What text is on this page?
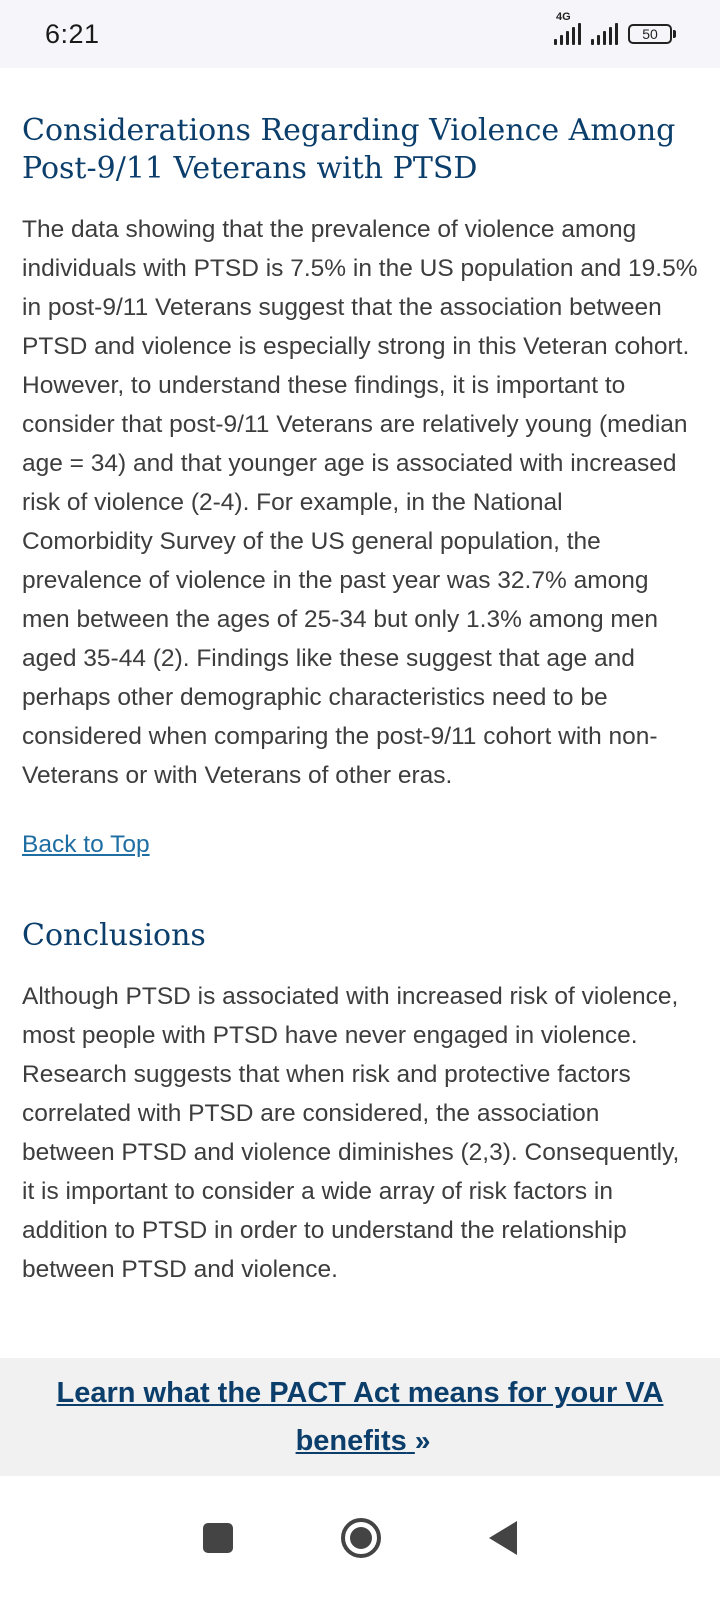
6:21
4G
50
Considerations Regarding Violence Among Post-9/11 Veterans with PTSD

The data showing that the prevalence of violence among individuals with PTSD is 7.5% in the US population and 19.5% in post-9/11 Veterans suggest that the association between PTSD and violence is especially strong in this Veteran cohort. However, to understand these findings, it is important to consider that post-9/11 Veterans are relatively young (median age = 34) and that younger age is associated with increased risk of violence (2-4). For example, in the National Comorbidity Survey of the US general population, the prevalence of violence in the past year was 32.7% among men between the ages of 25-34 but only 1.3% among men aged 35-44 (2). Findings like these suggest that age and perhaps other demographic characteristics need to be considered when comparing the post-9/11 cohort with non-Veterans or with Veterans of other eras.

Back to Top
Conclusions

Although PTSD is associated with increased risk of violence, most people with PTSD have never engaged in violence. Research suggests that when risk and protective factors correlated with PTSD are considered, the association between PTSD and violence diminishes (2,3). Consequently, it is important to consider a wide array of risk factors in addition to PTSD in order to understand the relationship between PTSD and violence.

Learn what the PACT Act means for your VA benefits »
